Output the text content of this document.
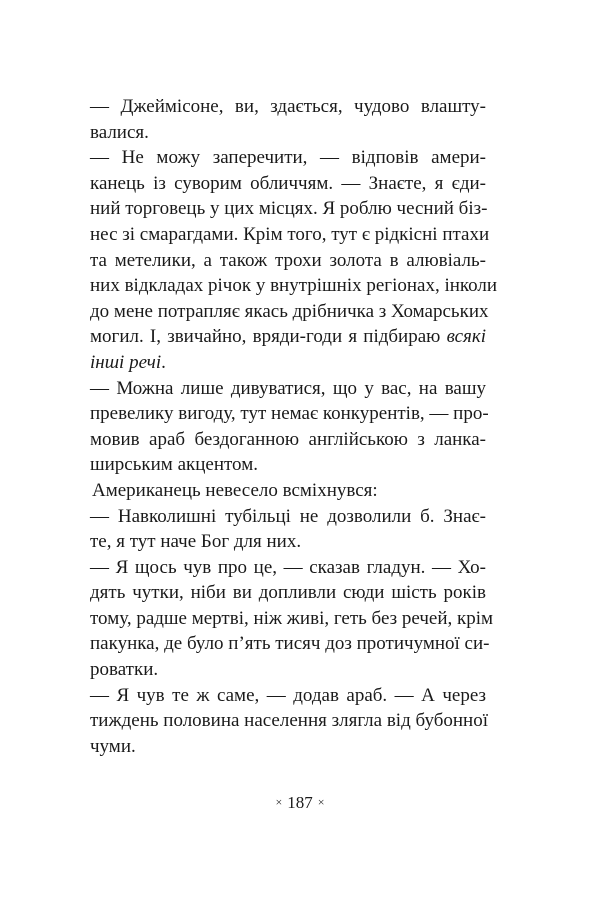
— Джеймісоне, ви, здається, чудово влашту-
валися.
— Не можу заперечити, — відповів амери-
канець із суворим обличчям. — Знаєте, я єди-
ний торговець у цих місцях. Я роблю чесний біз-
нес зі смарагдами. Крім того, тут є рідкісні птахи
та метелики, а також трохи золота в алювіаль-
них відкладах річок у внутрішніх регіонах, інколи
до мене потрапляє якась дрібничка з Хомарських
могил. І, звичайно, вряди-годи я підбираю всякі
інші речі.
— Можна лише дивуватися, що у вас, на вашу
превелику вигоду, тут немає конкурентів, — про-
мовив араб бездоганною англійською з ланка-
ширським акцентом.
Американець невесело всміхнувся:
— Навколишні тубільці не дозволили б. Знає-
те, я тут наче Бог для них.
— Я щось чув про це, — сказав гладун. — Хо-
дять чутки, ніби ви допливли сюди шість років
тому, радше мертві, ніж живі, геть без речей, крім
пакунка, де було п’ять тисяч доз протичумної си-
роватки.
— Я чув те ж саме, — додав араб. — А через
тиждень половина населення злягла від бубонної
чуми.
× 187 ×
